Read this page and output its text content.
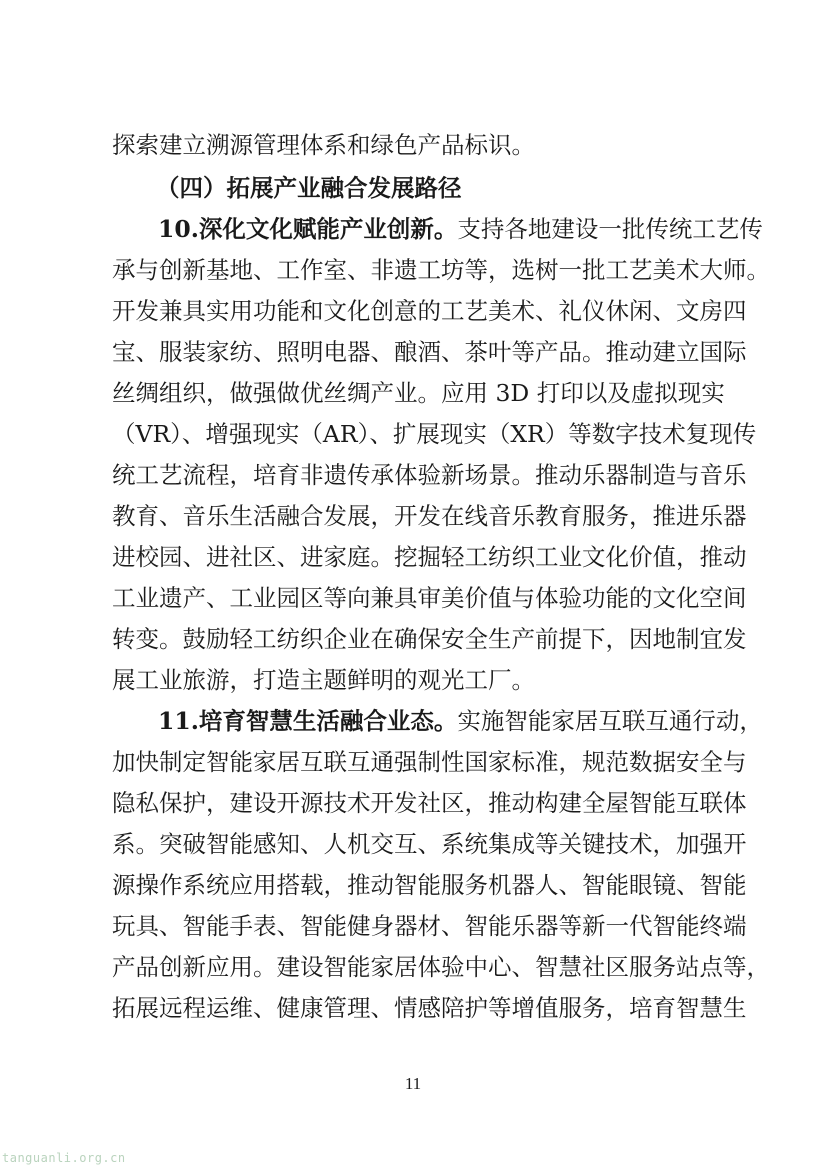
探索建立溯源管理体系和绿色产品标识。
（四）拓展产业融合发展路径
10.深化文化赋能产业创新。支持各地建设一批传统工艺传
承与创新基地、工作室、非遗工坊等，选树一批工艺美术大师。
开发兼具实用功能和文化创意的工艺美术、礼仪休闲、文房四
宝、服装家纺、照明电器、酿酒、茶叶等产品。推动建立国际
丝绸组织，做强做优丝绸产业。应用 3D 打印以及虚拟现实
（VR）、增强现实（AR）、扩展现实（XR）等数字技术复现传
统工艺流程，培育非遗传承体验新场景。推动乐器制造与音乐
教育、音乐生活融合发展，开发在线音乐教育服务，推进乐器
进校园、进社区、进家庭。挖掘轻工纺织工业文化价值，推动
工业遗产、工业园区等向兼具审美价值与体验功能的文化空间
转变。鼓励轻工纺织企业在确保安全生产前提下，因地制宜发
展工业旅游，打造主题鲜明的观光工厂。
11.培育智慧生活融合业态。实施智能家居互联互通行动，
加快制定智能家居互联互通强制性国家标准，规范数据安全与
隐私保护，建设开源技术开发社区，推动构建全屋智能互联体
系。突破智能感知、人机交互、系统集成等关键技术，加强开
源操作系统应用搭载，推动智能服务机器人、智能眼镜、智能
玩具、智能手表、智能健身器材、智能乐器等新一代智能终端
产品创新应用。建设智能家居体验中心、智慧社区服务站点等，
拓展远程运维、健康管理、情感陪护等增值服务，培育智慧生
11
tanguanli.org.cn
